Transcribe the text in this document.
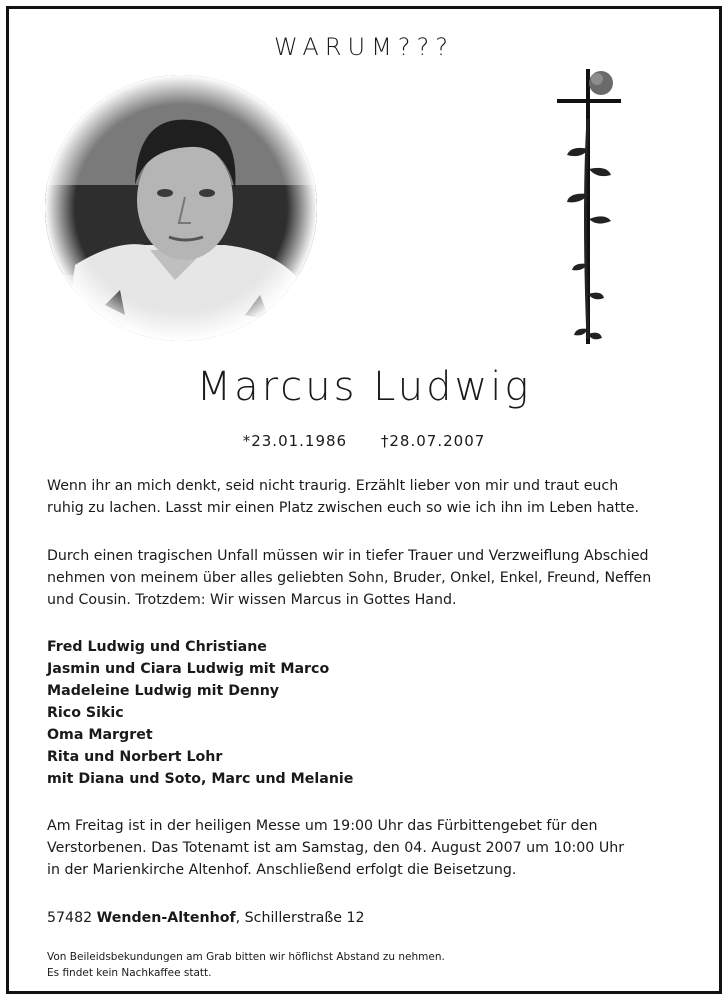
WARUM???
Marcus Ludwig
*23.01.1986 †28.07.2007
Wenn ihr an mich denkt, seid nicht traurig. Erzählt lieber von mir und traut euch
ruhig zu lachen. Lasst mir einen Platz zwischen euch so wie ich ihn im Leben hatte.
Durch einen tragischen Unfall müssen wir in tiefer Trauer und Verzweiflung Abschied
nehmen von meinem über alles geliebten Sohn, Bruder, Onkel, Enkel, Freund, Neffen
und Cousin. Trotzdem: Wir wissen Marcus in Gottes Hand.
Fred Ludwig und Christiane
Jasmin und Ciara Ludwig mit Marco
Madeleine Ludwig mit Denny
Rico Sikic
Oma Margret
Rita und Norbert Lohr
mit Diana und Soto, Marc und Melanie
Am Freitag ist in der heiligen Messe um 19:00 Uhr das Fürbittengebet für den
Verstorbenen. Das Totenamt ist am Samstag, den 04. August 2007 um 10:00 Uhr
in der Marienkirche Altenhof. Anschließend erfolgt die Beisetzung.
57482 Wenden-Altenhof, Schillerstraße 12
Von Beileidsbekundungen am Grab bitten wir höflichst Abstand zu nehmen.
Es findet kein Nachkaffee statt.
